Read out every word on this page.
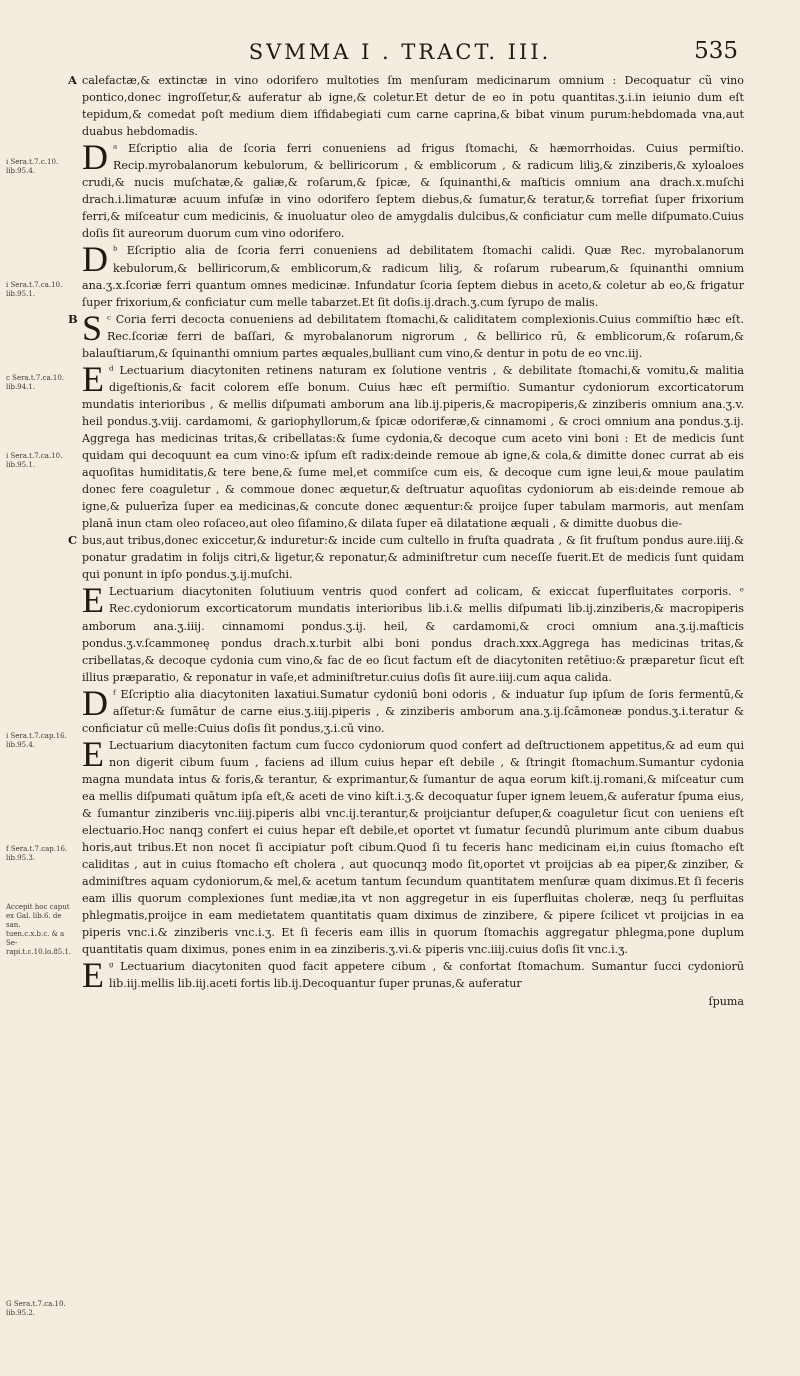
SVMMA I . TRACT. III.	535
i Sera.t.7.c.10.
lib.95.4.
i Sera.t.7.ca.10.
lib.95.1.
c Sera.t.7.ca.10.
lib.94.1.
i Sera.t.7.ca.10.
lib.95.1.
i Sera.t.7.cap.16.
lib.95.4.
f Sera.t.7.cap.16.
lib.95.3.
Accepit hoc caput
ex Gal. lib.6. de san.
tuen.c.x.b.c. & a Se-
rapi.t.c.10.lo.85.1.
G Sera.t.7.ca.10.
lib.95.2.

A calefactæ,& extinctæ in vino odorifero multoties ſm menſuram medicinarum omnium : Decoquatur cũ vino pontico,donec ingroſſetur,& auferatur ab igne,& coletur.Et detur de eo in potu quantitas.ʒ.i.in ieiunio dum eſt tepidum,& comedat poſt medium diem iſfidabegiati cum carne caprina,& bibat vinum purum:hebdomada vna,aut duabus hebdomadis.

D ᵃ Eſcriptio alia de ſcoria ferri conueniens ad frigus ſtomachi, & hæmorrhoidas. Cuius permiſtio. Recip.myrobalanorum kebulorum, & belliricorum , & emblicorum , & radicum liliꝫ,& zinziberis,& xyloaloes crudi,& nucis muſchatæ,& galiæ,& roſarum,& ſpicæ, & ſquinanthi,& maſticis omnium ana drach.x.muſchi drach.i.limaturæ acuum infuſæ in vino odorifero ſeptem diebus,& ſumatur,& teratur,& torrefiat ſuper frixorium ferri,& miſceatur cum medicinis, & inuoluatur oleo de amygdalis dulcibus,& conficiatur cum melle diſpumato.Cuius doſis ſit aureorum duorum cum vino odorifero.

D ᵇ Eſcriptio alia de ſcoria ferri conueniens ad debilitatem ſtomachi calidi. Quæ Rec. myrobalanorum kebulorum,& belliricorum,& emblicorum,& radicum liliꝫ, & roſarum rubearum,& ſquinanthi omnium ana.ʒ.x.ſcoriæ ferri quantum omnes medicinæ. Infundatur ſcoria ſeptem diebus in aceto,& coletur ab eo,& frigatur ſuper frixorium,& conficiatur cum melle tabarzet.Et ſit doſis.ij.drach.ʒ.cum ſyrupo de malis.

B S ᶜ Coria ferri decocta conueniens ad debilitatem ſtomachi,& caliditatem complexionis.Cuius commiſtio hæc eſt. Rec.ſcoriæ ferri de baſſari, & myrobalanorum nigrorum , & bellirico rū, & emblicorum,& roſarum,& balauſtiarum,& ſquinanthi omnium partes æquales,bulliant cum vino,& dentur in potu de eo vnc.iij.

E ᵈ Lectuarium diacytoniten retinens naturam ex ſolutione ventris , & debilitate ſtomachi,& vomitu,& malitia digeſtionis,& facit colorem eſſe bonum. Cuius hæc eſt permiſtio. Sumantur cydoniorum excorticatorum mundatis interioribus , & mellis diſpumati amborum ana lib.ij.piperis,& macropiperis,& zinziberis omnium ana.ʒ.v. heil pondus.ʒ.viij. cardamomi, & gariophyllorum,& ſpicæ odoriferæ,& cinnamomi , & croci omnium ana pondus.ʒ.ij. Aggrega has medicinas tritas,& cribellatas:& ſume cydonia,& decoque cum aceto vini boni : Et de medicis ſunt quidam qui decoquunt ea cum vino:& ipſum eſt radix:deinde remoue ab igne,& cola,& dimitte donec currat ab eis aquoſitas humiditatis,& tere bene,& ſume mel,et commiſce cum eis, & decoque cum igne leui,& moue paulatim donec fere coaguletur , & commoue donec æquetur,& deſtruatur aquoſitas cydoniorum ab eis:deinde remoue ab igne,& puluerīza ſuper ea medicinas,& concute donec æquentur:& proijce ſuper tabulam marmoris, aut menſam planā inun ctam oleo roſaceo,aut oleo ſiſamino,& dilata ſuper eā dilatatione æquali , & dimitte duobus die-

C bus,aut tribus,donec exiccetur,& induretur:& incide cum cultello in fruſta quadrata , & ſit fruſtum pondus aure.iiij.& ponatur gradatim in folijs citri,& ligetur,& reponatur,& adminiſtretur cum neceſſe fuerit.Et de medicis ſunt quidam qui ponunt in ipſo pondus.ʒ.ij.muſchi.

E Lectuarium diacytoniten ſolutiuum ventris quod confert ad colicam, & exiccat ſuperfluitates corporis. ᵉ Rec.cydoniorum excorticatorum mundatis interioribus lib.i.& mellis diſpumati lib.ij.zinziberis,& macropiperis amborum ana.ʒ.iiij. cinnamomi pondus.ʒ.ij. heil, & cardamomi,& croci omnium ana.ʒ.ij.maſticis pondus.ʒ.v.ſcammoneę pondus drach.x.turbit albi boni pondus drach.xxx.Aggrega has medicinas tritas,& cribellatas,& decoque cydonia cum vino,& fac de eo ſicut factum eſt de diacytoniten retētiuo:& præparetur ſicut eſt illius præparatio, & reponatur in vaſe,et adminiſtretur.cuius doſis ſit aure.iiij.cum aqua calida.

D ᶠ Eſcriptio alia diacytoniten laxatiui.Sumatur cydoniū boni odoris , & induatur ſup ipſum de ſoris fermentū,& aſſetur:& ſumātur de carne eius.ʒ.iiij.piperis , & zinziberis amborum ana.ʒ.ij.ſcāmoneæ pondus.ʒ.i.teratur & conficiatur cū melle:Cuius doſis ſit pondus,ʒ.i.cū vino.

E Lectuarium diacytoniten factum cum ſucco cydoniorum quod confert ad deſtructionem appetitus,& ad eum qui non digerit cibum ſuum , faciens ad illum cuius hepar eſt debile , & ſtringit ſtomachum.Sumantur cydonia magna mundata intus & foris,& terantur, & exprimantur,& ſumantur de aqua eorum kiſt.ij.romani,& miſceatur cum ea mellis diſpumati quātum ipſa eſt,& aceti de vino kiſt.i.ʒ.& decoquatur ſuper ignem leuem,& auferatur ſpuma eius, & ſumantur zinziberis vnc.iiij.piperis albi vnc.ij.terantur,& proijciantur deſuper,& coaguletur ſicut con ueniens eſt electuario.Hoc nanqꝫ confert ei cuius hepar eſt debile,et oportet vt ſumatur ſecundū plurimum ante cibum duabus horis,aut tribus.Et non nocet ſi accipiatur poſt cibum.Quod ſi tu feceris hanc medicinam ei,in cuius ſtomacho eſt caliditas , aut in cuius ſtomacho eſt cholera , aut quocunqꝫ modo ſit,oportet vt proijcias ab ea piper,& zinziber, & adminiſtres aquam cydoniorum,& mel,& acetum tantum ſecundum quantitatem menſuræ quam diximus.Et ſi feceris eam illis quorum complexiones ſunt mediæ,ita vt non aggregetur in eis ſuperfluitas choleræ, neqꝫ ſu perfluitas phlegmatis,proijce in eam medietatem quantitatis quam diximus de zinzibere, & pipere ſcilicet vt proijcias in ea piperis vnc.i.& zinziberis vnc.i.ʒ. Et ſi feceris eam illis in quorum ſtomachis aggregatur phlegma,pone duplum quantitatis quam diximus, pones enim in ea zinziberis.ʒ.vi.& piperis vnc.iiij.cuius doſis ſit vnc.i.ʒ.

E ᵍ Lectuarium diacytoniten quod facit appetere cibum , & confortat ſtomachum. Sumantur ſucci cydoniorū lib.iij.mellis lib.iij.aceti fortis lib.ij.Decoquantur ſuper prunas,& auferatur

ſpuma
